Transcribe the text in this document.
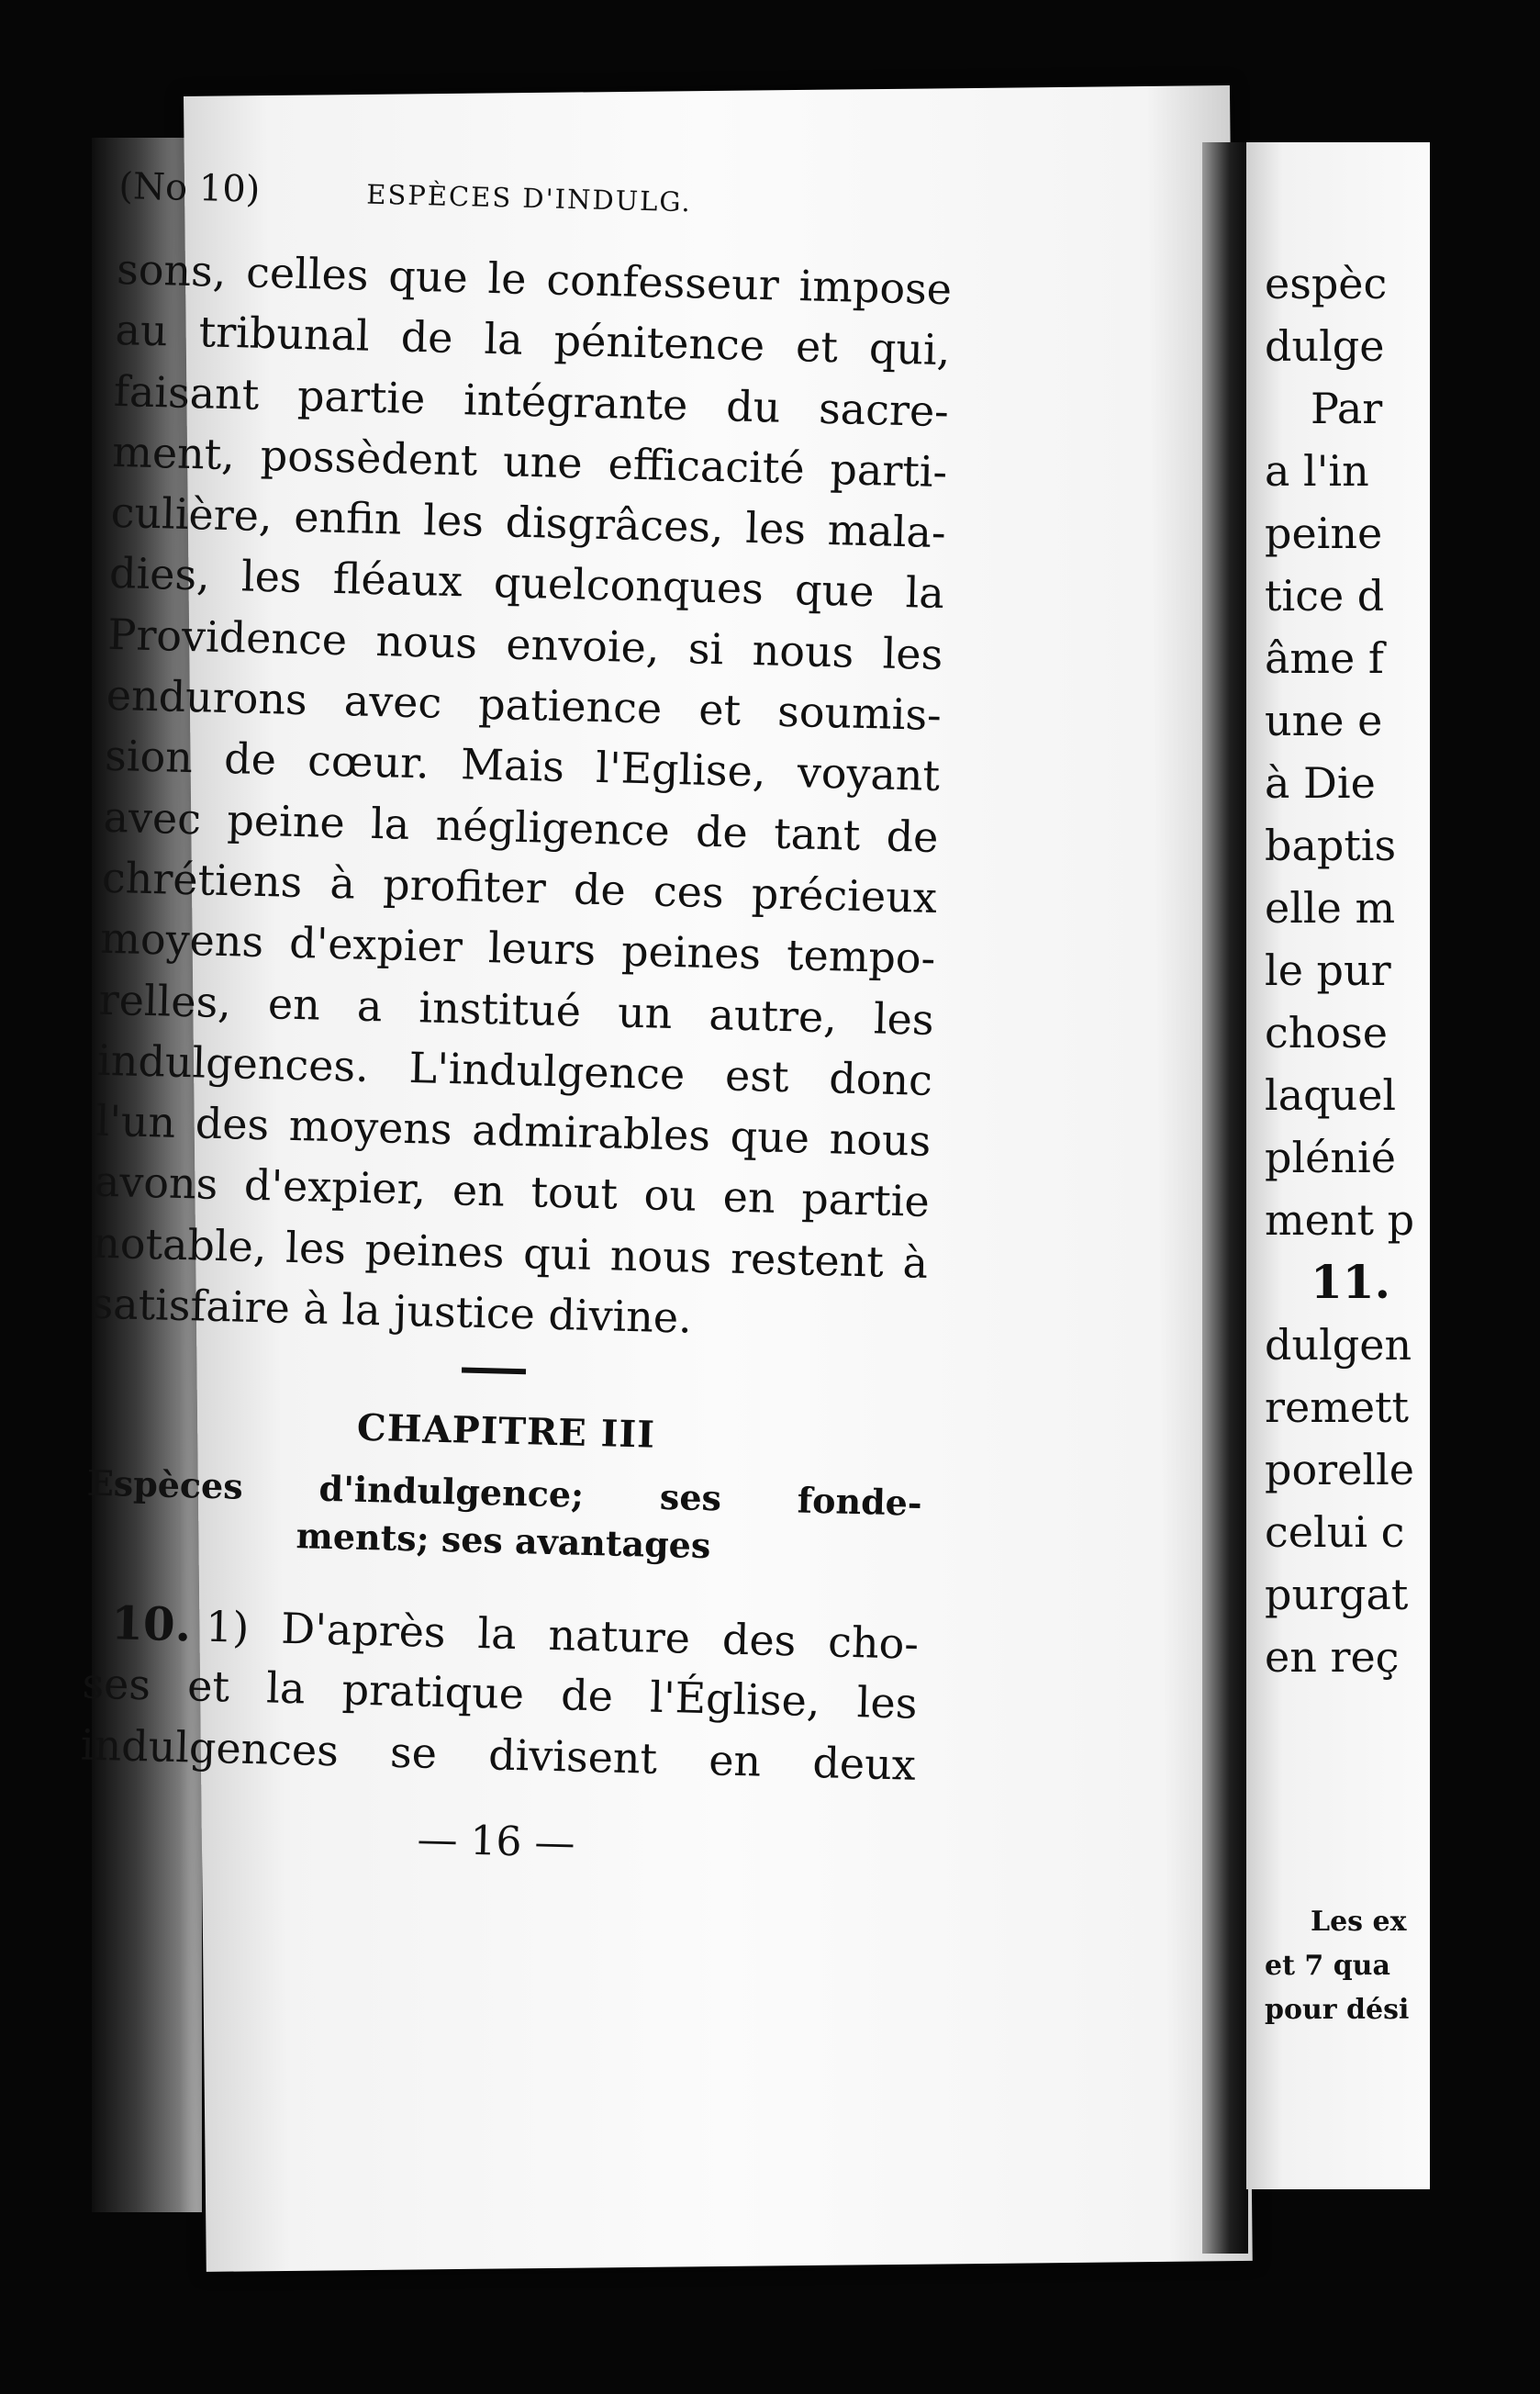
espèc
dulge
Par
a l'in
peine
tice d
âme f
une e
à Die
baptis
elle m
le pur
chose
laquel
plénié
ment p
11.
dulgen
remett
porelle
celui c
purgat
en reç
Les ex
et 7 qua
pour dési
(No 10)	ESPÈCES D'INDULG.
sons, celles que le confesseur impose
au tribunal de la pénitence et qui,
faisant partie intégrante du sacre-
ment, possèdent une efficacité parti-
culière, enfin les disgrâces, les mala-
dies, les fléaux quelconques que la
Providence nous envoie, si nous les
endurons avec patience et soumis-
sion de cœur. Mais l'Eglise, voyant
avec peine la négligence de tant de
chrétiens à profiter de ces précieux
moyens d'expier leurs peines tempo-
relles, en a institué un autre, les
indulgences. L'indulgence est donc
l'un des moyens admirables que nous
avons d'expier, en tout ou en partie
notable, les peines qui nous restent à
satisfaire à la justice divine.
CHAPITRE III
Espèces d'indulgence; ses fonde-
ments; ses avantages
10. 1) D'après la nature des cho-
ses et la pratique de l'Église, les
indulgences se divisent en deux
— 16 —
